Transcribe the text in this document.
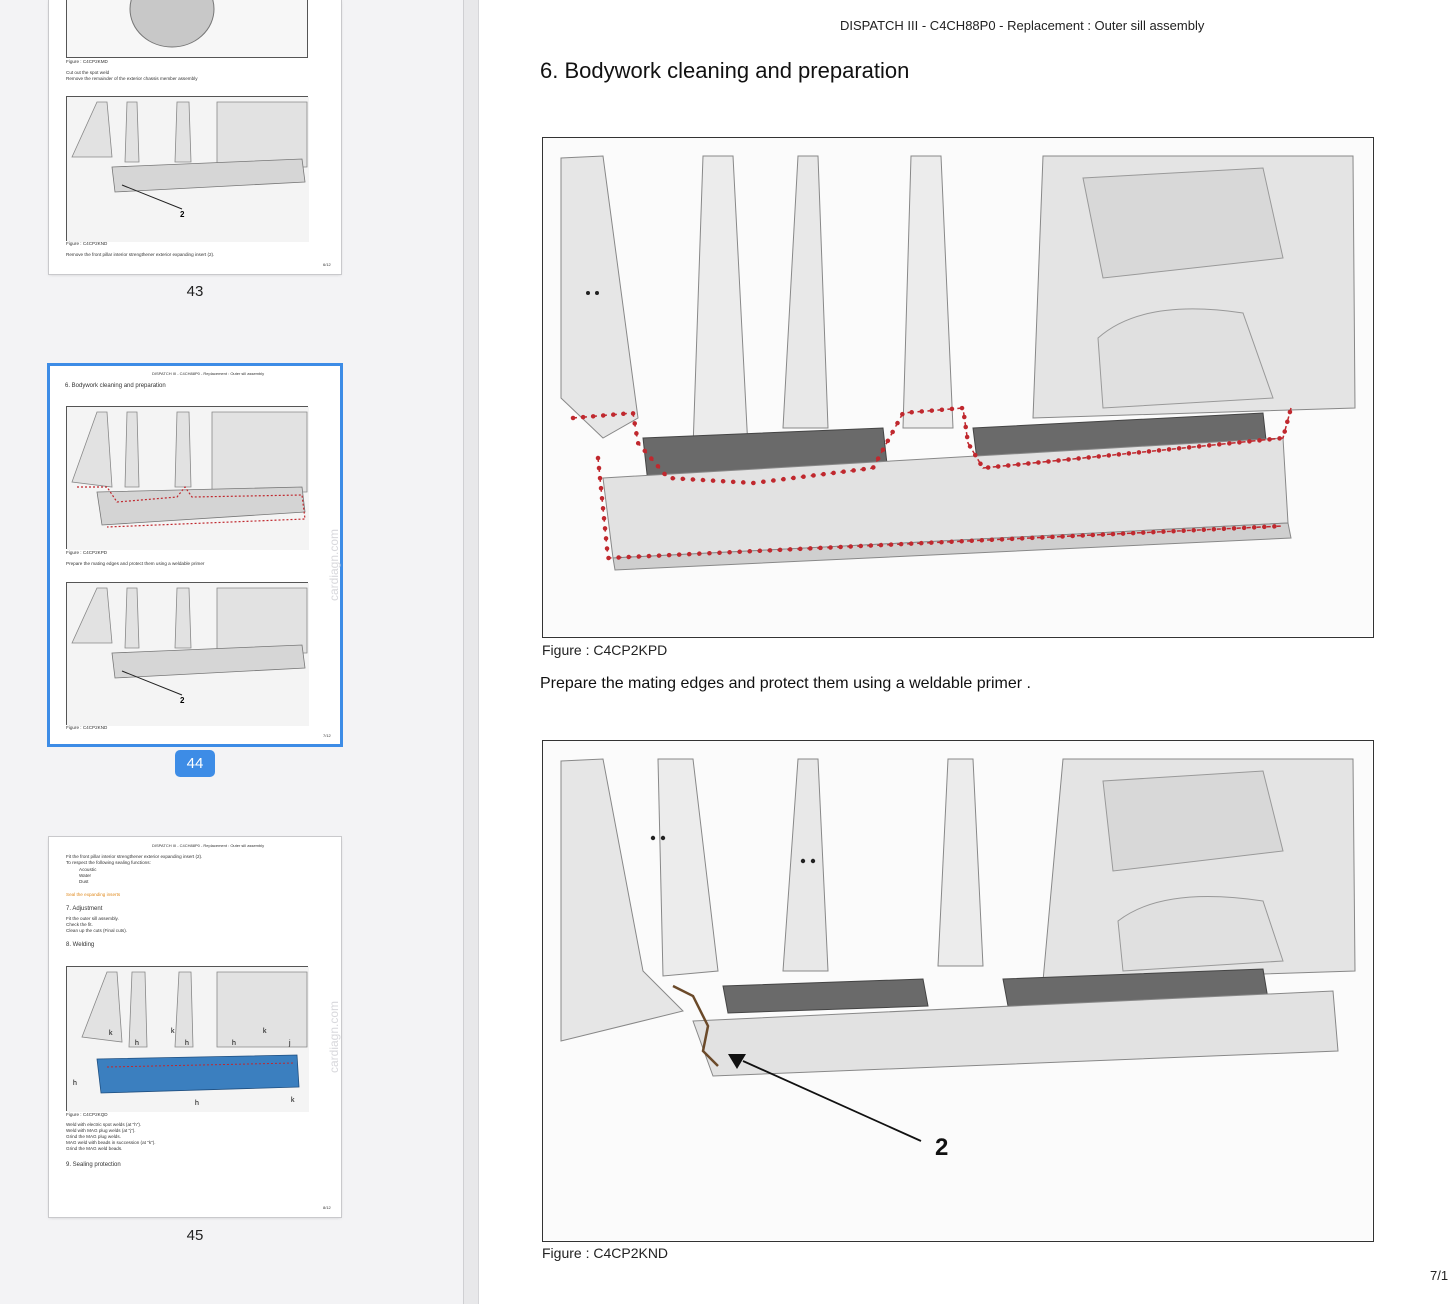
Figure : C4CP2KMD
Cut out the spot weld
Remove the remainder of the exterior chassis member assembly
2
Figure : C4CP2KND
Remove the front pillar interior strengthener exterior expanding insert (2).
6/12
43
DISPATCH III - C4CH88P0 - Replacement : Outer sill assembly
6. Bodywork cleaning and preparation
Figure : C4CP2KPD
Prepare the mating edges and protect them using a weldable primer
2
Figure : C4CP2KND
7/12
cardiagn.com
44
DISPATCH III - C4CH88P0 - Replacement : Outer sill assembly
Fit the front pillar interior strengthener exterior expanding insert (2).
To respect the following sealing functions:
Acoustic
Water
Dust
Seal the expanding inserts
7. Adjustment
Fit the outer sill assembly.
Check the fit.
Clean up the cuts (Final cuts).
8. Welding
k	k	k
h	h	h
h
h
j
k
Figure : C4CP2KQD
Weld with electric spot welds (at "h").
Weld with MAG plug welds (at "j").
Grind the MAG plug welds.
MAG weld with beads in succession (at "k").
Grind the MAG weld beads.
9. Sealing protection
8/12
cardiagn.com
45
DISPATCH III - C4CH88P0 - Replacement : Outer sill assembly
6. Bodywork cleaning and preparation
Figure : C4CP2KPD
Prepare the mating edges and protect them using a weldable primer .
2
Figure : C4CP2KND
7/1
